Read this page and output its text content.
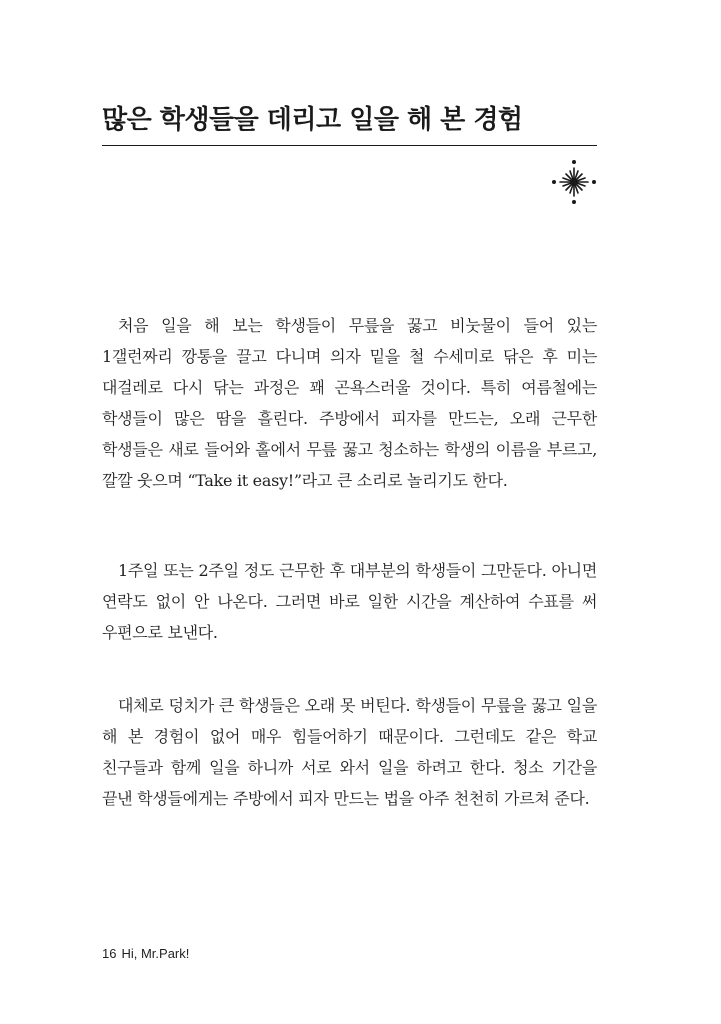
많은 학생들을 데리고 일을 해 본 경험

처음 일을 해 보는 학생들이 무릎을 꿇고 비눗물이 들어 있는 1갤런짜리 깡통을 끌고 다니며 의자 밑을 철 수세미로 닦은 후 미는 대걸레로 다시 닦는 과정은 꽤 곤욕스러울 것이다. 특히 여름철에는 학생들이 많은 땀을 흘린다. 주방에서 피자를 만드는, 오래 근무한 학생들은 새로 들어와 홀에서 무릎 꿇고 청소하는 학생의 이름을 부르고, 깔깔 웃으며 “Take it easy!”라고 큰 소리로 놀리기도 한다.

1주일 또는 2주일 정도 근무한 후 대부분의 학생들이 그만둔다. 아니면 연락도 없이 안 나온다. 그러면 바로 일한 시간을 계산하여 수표를 써 우편으로 보낸다.

대체로 덩치가 큰 학생들은 오래 못 버틴다. 학생들이 무릎을 꿇고 일을 해 본 경험이 없어 매우 힘들어하기 때문이다. 그런데도 같은 학교 친구들과 함께 일을 하니까 서로 와서 일을 하려고 한다. 청소 기간을 끝낸 학생들에게는 주방에서 피자 만드는 법을 아주 천천히 가르쳐 준다.

16 Hi, Mr.Park!
